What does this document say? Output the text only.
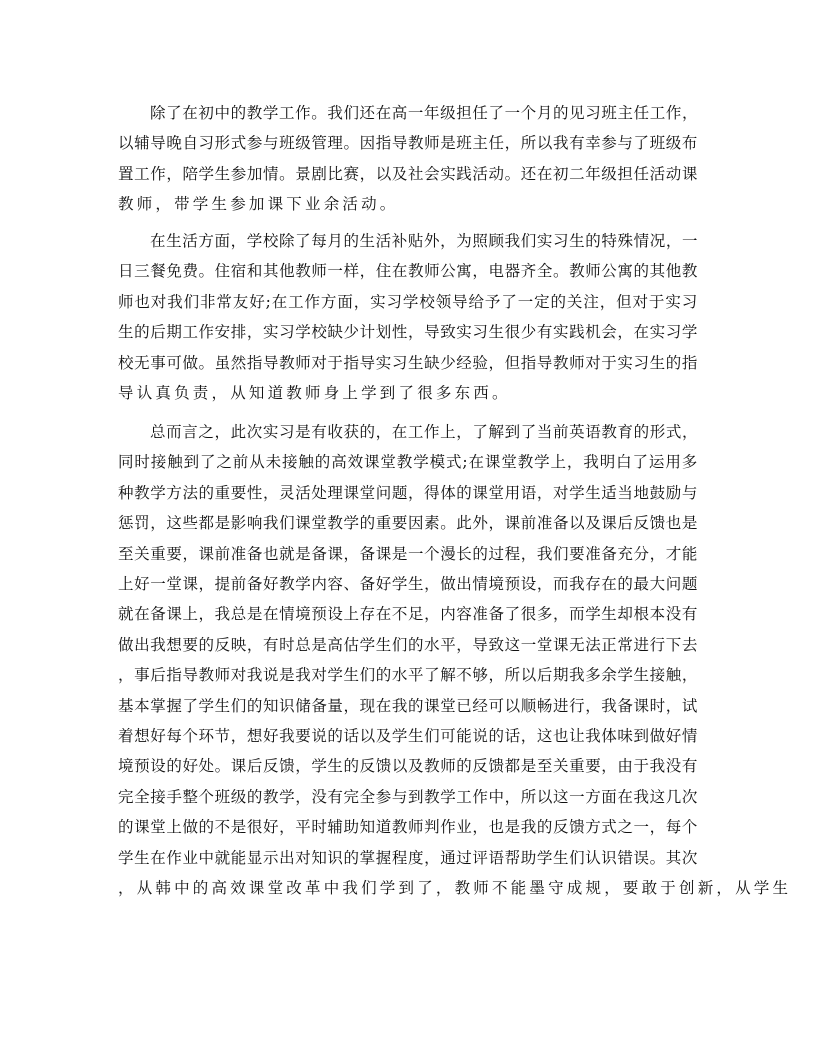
除了在初中的教学工作。我们还在高一年级担任了一个月的见习班主任工作，
以辅导晚自习形式参与班级管理。因指导教师是班主任，所以我有幸参与了班级布
置工作，陪学生参加情。景剧比赛，以及社会实践活动。还在初二年级担任活动课
教师，带学生参加课下业余活动。
在生活方面，学校除了每月的生活补贴外，为照顾我们实习生的特殊情况，一
日三餐免费。住宿和其他教师一样，住在教师公寓，电器齐全。教师公寓的其他教
师也对我们非常友好;在工作方面，实习学校领导给予了一定的关注，但对于实习
生的后期工作安排，实习学校缺少计划性，导致实习生很少有实践机会，在实习学
校无事可做。虽然指导教师对于指导实习生缺少经验，但指导教师对于实习生的指
导认真负责，从知道教师身上学到了很多东西。
总而言之，此次实习是有收获的，在工作上，了解到了当前英语教育的形式，
同时接触到了之前从未接触的高效课堂教学模式;在课堂教学上，我明白了运用多
种教学方法的重要性，灵活处理课堂问题，得体的课堂用语，对学生适当地鼓励与
惩罚，这些都是影响我们课堂教学的重要因素。此外，课前准备以及课后反馈也是
至关重要，课前准备也就是备课，备课是一个漫长的过程，我们要准备充分，才能
上好一堂课，提前备好教学内容、备好学生，做出情境预设，而我存在的最大问题
就在备课上，我总是在情境预设上存在不足，内容准备了很多，而学生却根本没有
做出我想要的反映，有时总是高估学生们的水平，导致这一堂课无法正常进行下去
，事后指导教师对我说是我对学生们的水平了解不够，所以后期我多余学生接触，
基本掌握了学生们的知识储备量，现在我的课堂已经可以顺畅进行，我备课时，试
着想好每个环节，想好我要说的话以及学生们可能说的话，这也让我体味到做好情
境预设的好处。课后反馈，学生的反馈以及教师的反馈都是至关重要，由于我没有
完全接手整个班级的教学，没有完全参与到教学工作中，所以这一方面在我这几次
的课堂上做的不是很好，平时辅助知道教师判作业，也是我的反馈方式之一，每个
学生在作业中就能显示出对知识的掌握程度，通过评语帮助学生们认识错误。其次
，从韩中的高效课堂改革中我们学到了，教师不能墨守成规，要敢于创新，从学生
